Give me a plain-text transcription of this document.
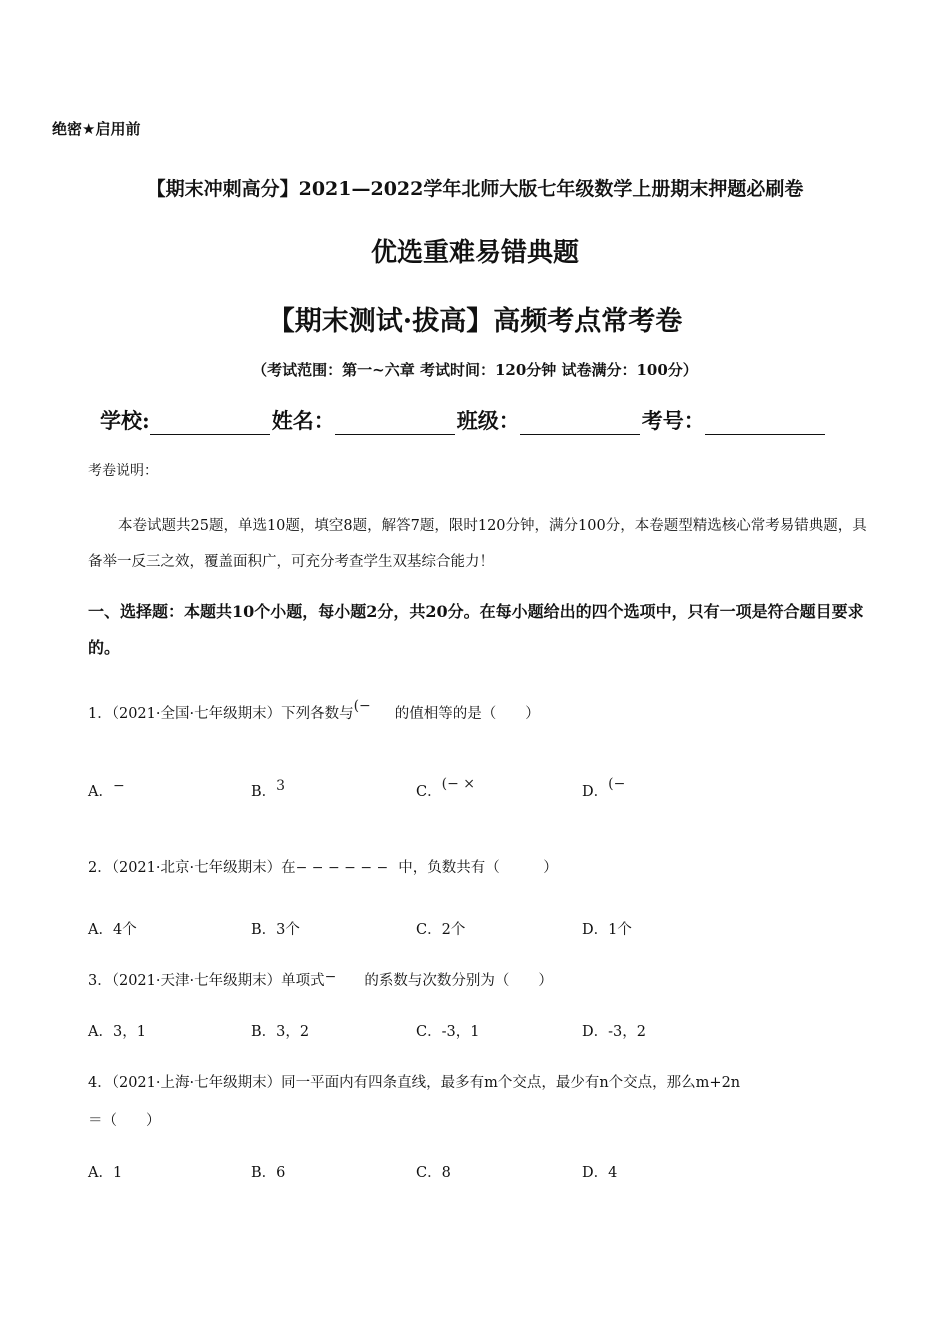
绝密★启用前
【期末冲刺高分】2021—2022学年北师大版七年级数学上册期末押题必刷卷
优选重难易错典题
【期末测试·拔高】高频考点常考卷
（考试范围：第一~六章 考试时间：120分钟 试卷满分：100分）
学校:	姓名：	班级：	考号：
考卷说明：
本卷试题共25题，单选10题，填空8题，解答7题，限时120分钟，满分100分，本卷题型精选核心常考易错典题，具备举一反三之效，覆盖面积广，可充分考查学生双基综合能力！
一、选择题：本题共10个小题，每小题2分，共20分。在每小题给出的四个选项中，只有一项是符合题目要求的。
1．（2021·全国·七年级期末）下列各数与(− 的值相等的是（　　）
A．−	B．3	C．(− ×	D．(−
2．（2021·北京·七年级期末）在− − − − − − 中，负数共有（　　　）
A．4个	B．3个	C．2个	D．1个
3．（2021·天津·七年级期末）单项式− 的系数与次数分别为（　　）
A．3，1	B．3，2	C．-3，1	D．-3，2
4．（2021·上海·七年级期末）同一平面内有四条直线，最多有m个交点，最少有n个交点，那么m+2n
＝（　　）
A．1	B．6	C．8	D．4
